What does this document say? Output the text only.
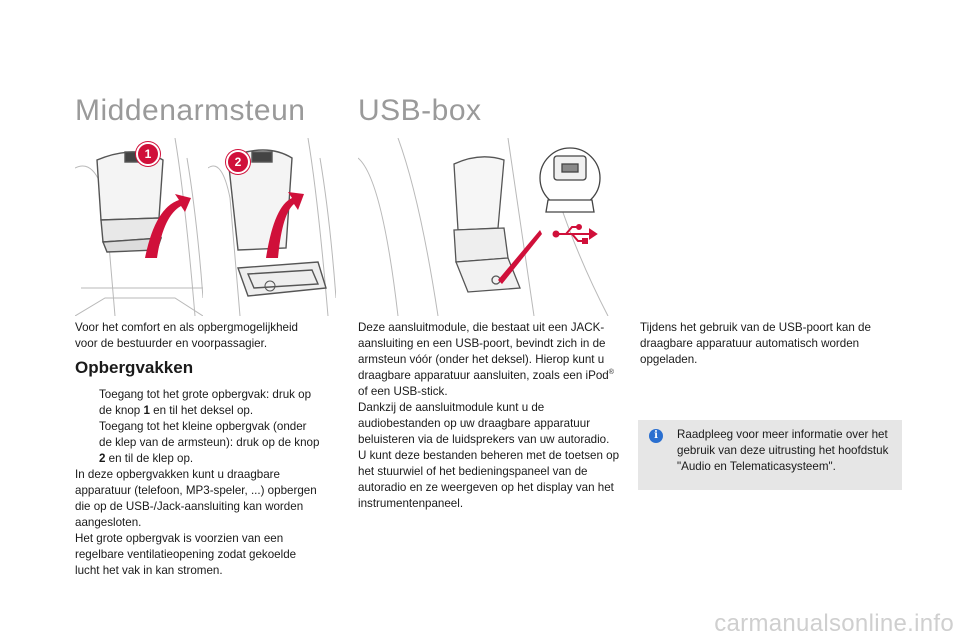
Middenarmsteun USB-box
1
2

Voor het comfort en als opbergmogelijkheid voor de bestuurder en voorpassagier.

Opbergvakken
Toegang tot het grote opbergvak: druk op de knop 1 en til het deksel op.
Toegang tot het kleine opbergvak (onder de klep van de armsteun): druk op de knop 2 en til de klep op.

In deze opbergvakken kunt u draagbare apparatuur (telefoon, MP3-speler, ...) opbergen die op de USB-/Jack-aansluiting kan worden aangesloten.

Het grote opbergvak is voorzien van een regelbare ventilatieopening zodat gekoelde lucht het vak in kan stromen.

Deze aansluitmodule, die bestaat uit een JACK-aansluiting en een USB-poort, bevindt zich in de armsteun vóór (onder het deksel). Hierop kunt u draagbare apparatuur aansluiten, zoals een iPod® of een USB-stick.

Dankzij de aansluitmodule kunt u de audiobestanden op uw draagbare apparatuur beluisteren via de luidsprekers van uw autoradio.

U kunt deze bestanden beheren met de toetsen op het stuurwiel of het bedieningspaneel van de autoradio en ze weergeven op het display van het instrumentenpaneel.

Tijdens het gebruik van de USB-poort kan de draagbare apparatuur automatisch worden opgeladen.

i	Raadpleeg voor meer informatie over het gebruik van deze uitrusting het hoofdstuk "Audio en Telematicasysteem".
carmanualsonline.info
